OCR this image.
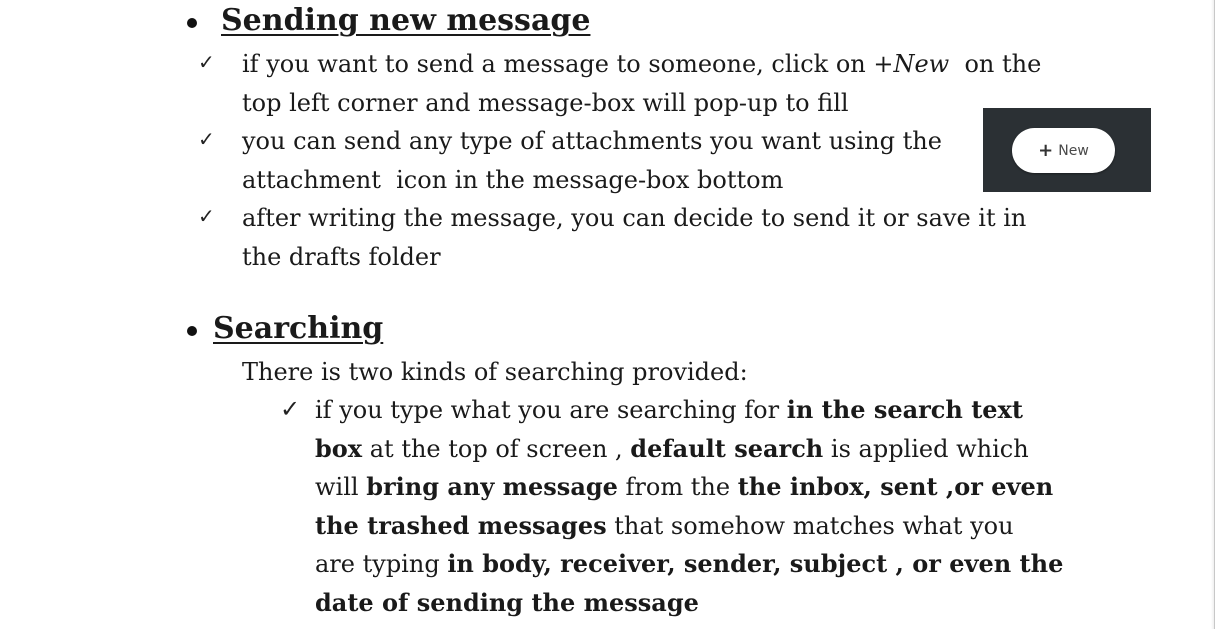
Sending new message
✓ if you want to send a message to someone, click on +New  on the
top left corner and message-box will pop-up to fill
✓ you can send any type of attachments you want using the
attachment  icon in the message-box bottom
✓ after writing the message, you can decide to send it or save it in
the drafts folder
+ New
Searching
There is two kinds of searching provided:
✓ if you type what you are searching for in the search text
box at the top of screen , default search is applied which
will bring any message from the the inbox, sent ,or even
the trashed messages that somehow matches what you
are typing in body, receiver, sender, subject , or even the
date of sending the message
